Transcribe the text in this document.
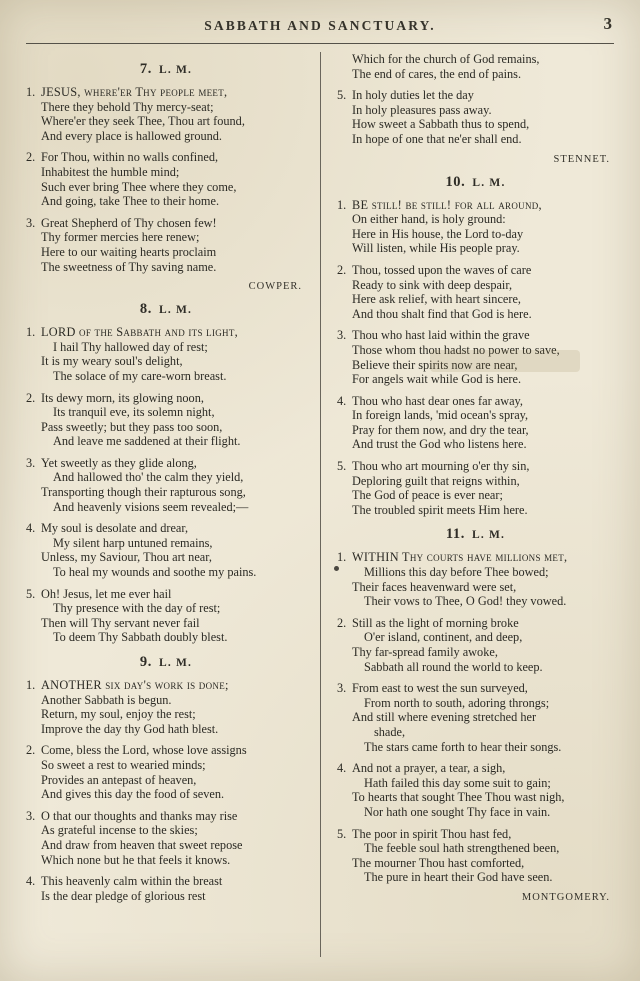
SABBATH AND SANCTUARY.	3
7. L. M.
1. JESUS, where'er Thy people meet,
There they behold Thy mercy-seat;
Where'er they seek Thee, Thou art found,
And every place is hallowed ground.
2. For Thou, within no walls confined,
Inhabitest the humble mind;
Such ever bring Thee where they come,
And going, take Thee to their home.
3. Great Shepherd of Thy chosen few!
Thy former mercies here renew;
Here to our waiting hearts proclaim
The sweetness of Thy saving name.
COWPER.
8. L. M.
1. LORD of the Sabbath and its light,
I hail Thy hallowed day of rest;
It is my weary soul's delight,
The solace of my care-worn breast.
2. Its dewy morn, its glowing noon,
Its tranquil eve, its solemn night,
Pass sweetly; but they pass too soon,
And leave me saddened at their flight.
3. Yet sweetly as they glide along,
And hallowed tho' the calm they yield,
Transporting though their rapturous song,
And heavenly visions seem revealed;—
4. My soul is desolate and drear,
My silent harp untuned remains,
Unless, my Saviour, Thou art near,
To heal my wounds and soothe my pains.
5. Oh! Jesus, let me ever hail
Thy presence with the day of rest;
Then will Thy servant never fail
To deem Thy Sabbath doubly blest.
9. L. M.
1. ANOTHER six day's work is done;
Another Sabbath is begun.
Return, my soul, enjoy the rest;
Improve the day thy God hath blest.
2. Come, bless the Lord, whose love assigns
So sweet a rest to wearied minds;
Provides an antepast of heaven,
And gives this day the food of seven.
3. O that our thoughts and thanks may rise
As grateful incense to the skies;
And draw from heaven that sweet repose
Which none but he that feels it knows.
4. This heavenly calm within the breast
Is the dear pledge of glorious rest
Which for the church of God remains,
The end of cares, the end of pains.
5. In holy duties let the day
In holy pleasures pass away.
How sweet a Sabbath thus to spend,
In hope of one that ne'er shall end.
STENNET.
10. L. M.
1. BE still! be still! for all around,
On either hand, is holy ground:
Here in His house, the Lord to-day
Will listen, while His people pray.
2. Thou, tossed upon the waves of care
Ready to sink with deep despair,
Here ask relief, with heart sincere,
And thou shalt find that God is here.
3. Thou who hast laid within the grave
Those whom thou hadst no power to save,
Believe their spirits now are near,
For angels wait while God is here.
4. Thou who hast dear ones far away,
In foreign lands, 'mid ocean's spray,
Pray for them now, and dry the tear,
And trust the God who listens here.
5. Thou who art mourning o'er thy sin,
Deploring guilt that reigns within,
The God of peace is ever near;
The troubled spirit meets Him here.
11. L. M.
1. WITHIN Thy courts have millions met,
Millions this day before Thee bowed;
Their faces heavenward were set,
Their vows to Thee, O God! they vowed.
2. Still as the light of morning broke
O'er island, continent, and deep,
Thy far-spread family awoke,
Sabbath all round the world to keep.
3. From east to west the sun surveyed,
From north to south, adoring throngs;
And still where evening stretched her
shade,
The stars came forth to hear their songs.
4. And not a prayer, a tear, a sigh,
Hath failed this day some suit to gain;
To hearts that sought Thee Thou wast nigh,
Nor hath one sought Thy face in vain.
5. The poor in spirit Thou hast fed,
The feeble soul hath strengthened been,
The mourner Thou hast comforted,
The pure in heart their God have seen.
MONTGOMERY.
